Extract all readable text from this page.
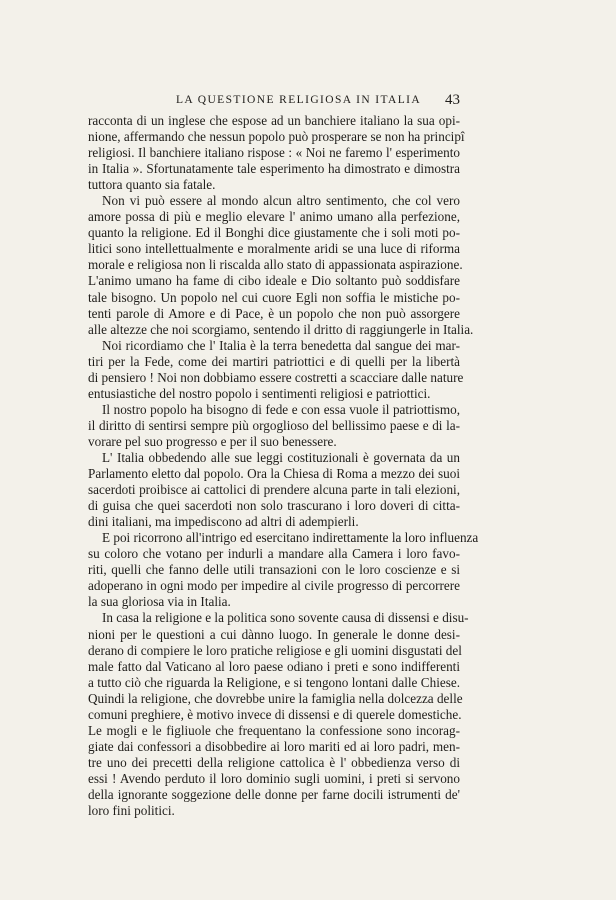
LA QUESTIONE RELIGIOSA IN ITALIA 43
racconta di un inglese che espose ad un banchiere italiano la sua opi-
nione, affermando che nessun popolo può prosperare se non ha principî
religiosi. Il banchiere italiano rispose : « Noi ne faremo l' esperimento
in Italia ». Sfortunatamente tale esperimento ha dimostrato e dimostra
tuttora quanto sia fatale.
Non vi può essere al mondo alcun altro sentimento, che col vero
amore possa di più e meglio elevare l' animo umano alla perfezione,
quanto la religione. Ed il Bonghi dice giustamente che i soli moti po-
litici sono intellettualmente e moralmente aridi se una luce di riforma
morale e religiosa non li riscalda allo stato di appassionata aspirazione.
L'animo umano ha fame di cibo ideale e Dio soltanto può soddisfare
tale bisogno. Un popolo nel cui cuore Egli non soffia le mistiche po-
tenti parole di Amore e di Pace, è un popolo che non può assorgere
alle altezze che noi scorgiamo, sentendo il dritto di raggiungerle in Italia.
Noi ricordiamo che l' Italia è la terra benedetta dal sangue dei mar-
tiri per la Fede, come dei martiri patriottici e di quelli per la libertà
di pensiero ! Noi non dobbiamo essere costretti a scacciare dalle nature
entusiastiche del nostro popolo i sentimenti religiosi e patriottici.
Il nostro popolo ha bisogno di fede e con essa vuole il patriottismo,
il diritto di sentirsi sempre più orgoglioso del bellissimo paese e di la-
vorare pel suo progresso e per il suo benessere.
L' Italia obbedendo alle sue leggi costituzionali è governata da un
Parlamento eletto dal popolo. Ora la Chiesa di Roma a mezzo dei suoi
sacerdoti proibisce ai cattolici di prendere alcuna parte in tali elezioni,
di guisa che quei sacerdoti non solo trascurano i loro doveri di citta-
dini italiani, ma impediscono ad altri di adempierli.
E poi ricorrono all'intrigo ed esercitano indirettamente la loro influenza
su coloro che votano per indurli a mandare alla Camera i loro favo-
riti, quelli che fanno delle utili transazioni con le loro coscienze e si
adoperano in ogni modo per impedire al civile progresso di percorrere
la sua gloriosa via in Italia.
In casa la religione e la politica sono sovente causa di dissensi e disu-
nioni per le questioni a cui dànno luogo. In generale le donne desi-
derano di compiere le loro pratiche religiose e gli uomini disgustati del
male fatto dal Vaticano al loro paese odiano i preti e sono indifferenti
a tutto ciò che riguarda la Religione, e si tengono lontani dalle Chiese.
Quindi la religione, che dovrebbe unire la famiglia nella dolcezza delle
comuni preghiere, è motivo invece di dissensi e di querele domestiche.
Le mogli e le figliuole che frequentano la confessione sono incorag-
giate dai confessori a disobbedire ai loro mariti ed ai loro padri, men-
tre uno dei precetti della religione cattolica è l' obbedienza verso di
essi ! Avendo perduto il loro dominio sugli uomini, i preti si servono
della ignorante soggezione delle donne per farne docili istrumenti de'
loro fini politici.
